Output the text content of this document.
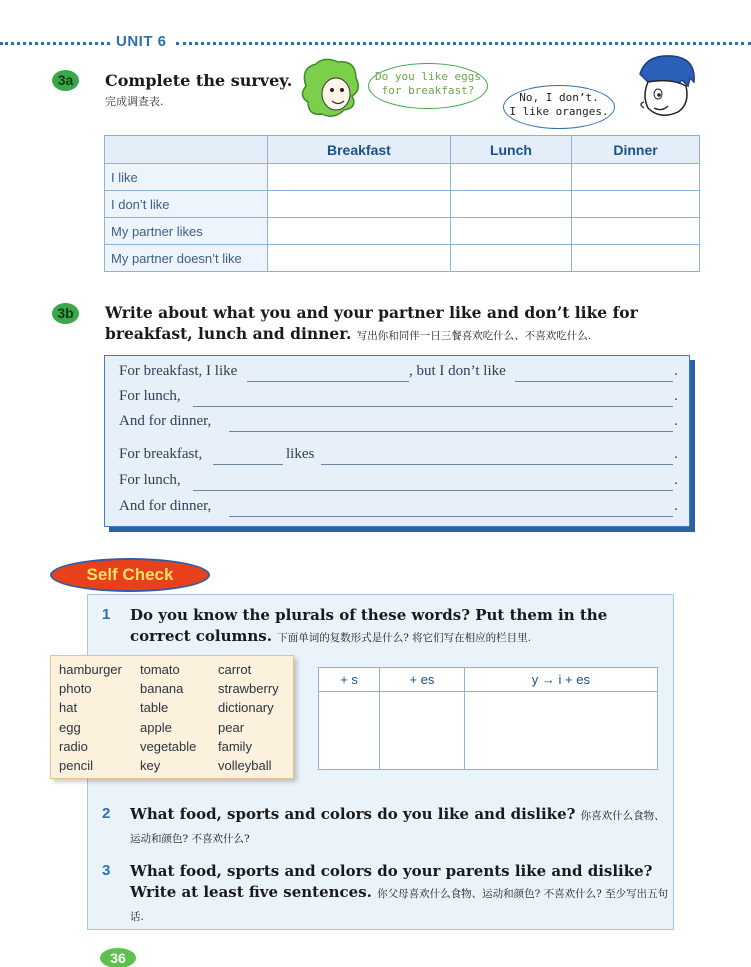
UNIT 6
3a	Complete the survey.
完成调查表.
Do you like eggs
for breakfast?
No, I don’t.
I like oranges.
	Breakfast	Lunch	Dinner
I like			
I don’t like			
My partner likes			
My partner doesn’t like			
3b	Write about what you and your partner like and don’t like for breakfast, lunch and dinner. 写出你和同伴一日三餐喜欢吃什么、不喜欢吃什么.
For breakfast, I like	, but I don’t like	.
For lunch,	.
And for dinner,	.
For breakfast,	likes	.
For lunch,	.
And for dinner,	.
Self Check
1 Do you know the plurals of these words? Put them in the correct columns. 下面单词的复数形式是什么? 将它们写在相应的栏目里.
hamburger tomato	carrot
photo	banana	strawberry
hat	table	dictionary
egg	apple	pear
radio	vegetable family
pencil	key	volleyball
+ s	+ es	y → i + es

2 What food, sports and colors do you like and dislike? 你喜欢什么食物、运动和颜色? 不喜欢什么?
3 What food, sports and colors do your parents like and dislike? Write at least five sentences. 你父母喜欢什么食物、运动和颜色? 不喜欢什么? 至少写出五句话.
36
